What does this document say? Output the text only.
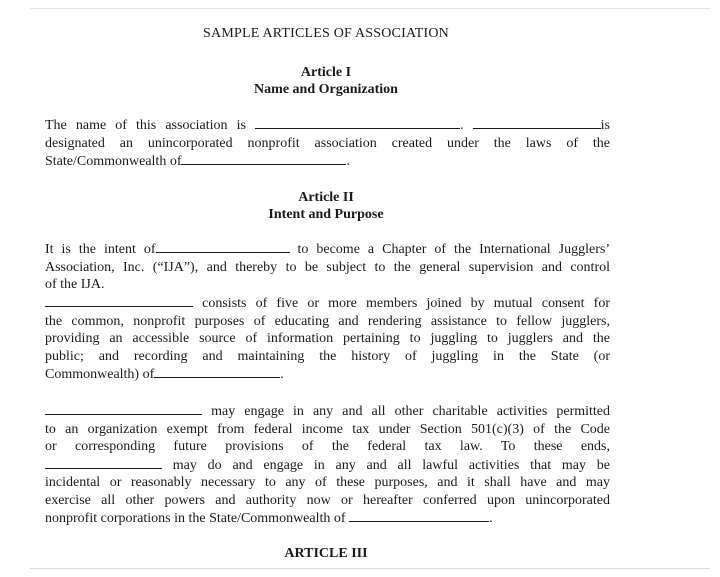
SAMPLE ARTICLES OF ASSOCIATION
Article I
Name and Organization
The name of this association is	.	is
designated an unincorporated nonprofit association created under the laws of the
State/Commonwealth of	.
Article II
Intent and Purpose
It is the intent of	to become a Chapter of the International Jugglers’
Association, Inc. (“IJA”), and thereby to be subject to the general supervision and control
of the IJA.
consists of five or more members joined by mutual consent for
the common, nonprofit purposes of educating and rendering assistance to fellow jugglers,
providing an accessible source of information pertaining to juggling to jugglers and the
public; and recording and maintaining the history of juggling in the State (or
Commonwealth) of	.
may engage in any and all other charitable activities permitted
to an organization exempt from federal income tax under Section 501(c)(3) of the Code
or corresponding future provisions of the federal tax law. To these ends,
may do and engage in any and all lawful activities that may be
incidental or reasonably necessary to any of these purposes, and it shall have and may
exercise all other powers and authority now or hereafter conferred upon unincorporated
nonprofit corporations in the State/Commonwealth of	.
ARTICLE III
